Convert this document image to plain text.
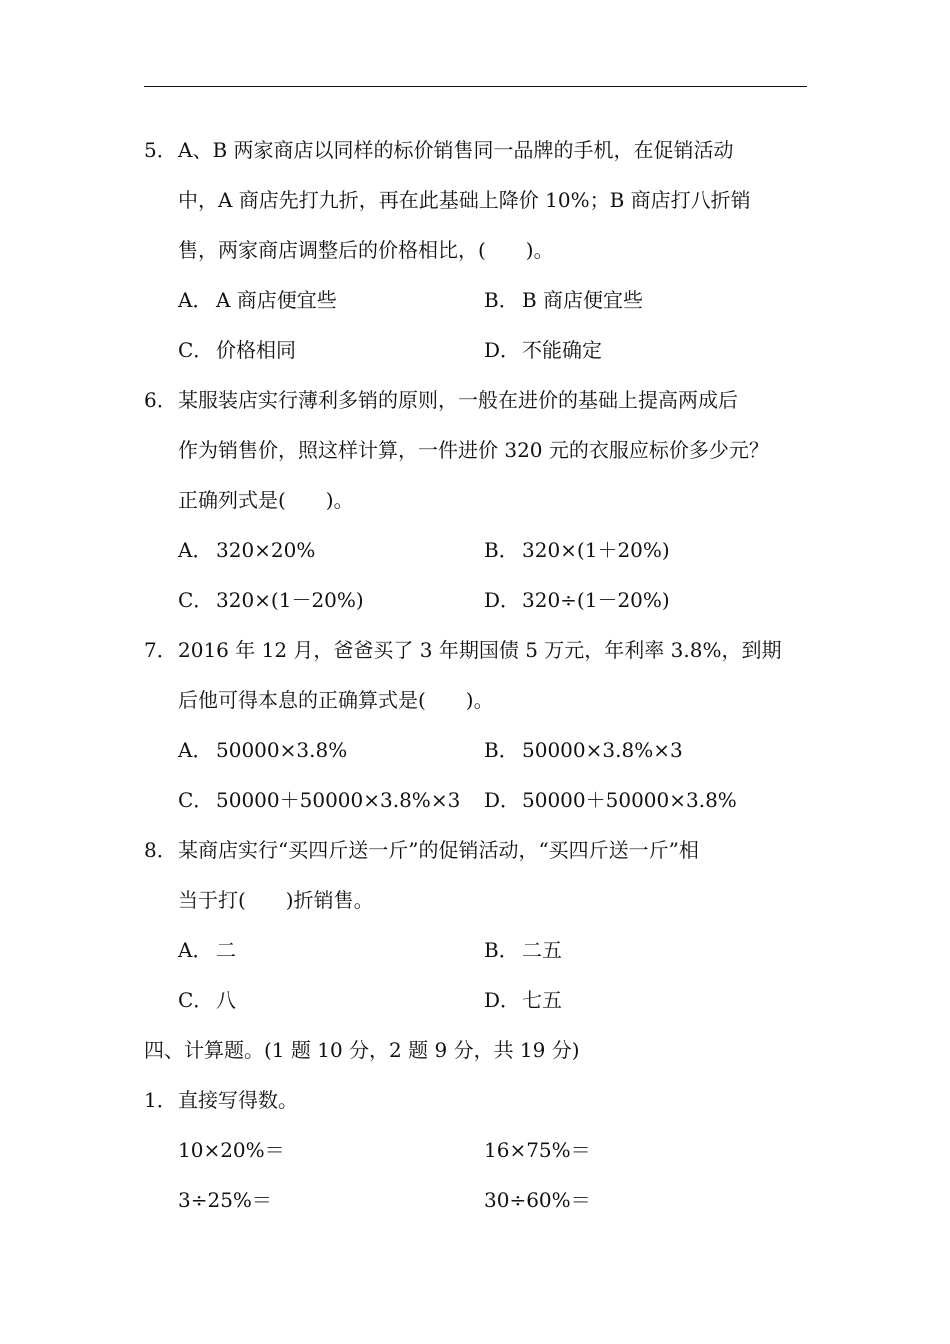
5． A、B 两家商店以同样的标价销售同一品牌的手机，在促销活动
中，A 商店先打九折，再在此基础上降价 10%；B 商店打八折销
售，两家商店调整后的价格相比，(　　)。
A． A 商店便宜些	B． B 商店便宜些
C． 价格相同	D．不能确定
6． 某服装店实行薄利多销的原则，一般在进价的基础上提高两成后
作为销售价，照这样计算，一件进价 320 元的衣服应标价多少元？
正确列式是(　　)。
A． 320×20%	B． 320×(1＋20%)
C． 320×(1－20%)	D．320÷(1－20%)
7． 2016 年 12 月，爸爸买了 3 年期国债 5 万元，年利率 3.8%，到期
后他可得本息的正确算式是(　　)。
A． 50000×3.8%	B． 50000×3.8%×3
C． 50000＋50000×3.8%×3	D．50000＋50000×3.8%
8． 某商店实行“买四斤送一斤”的促销活动，“买四斤送一斤”相
当于打(　　)折销售。
A． 二	B． 二五
C． 八	D．七五
四、计算题。(1 题 10 分，2 题 9 分，共 19 分)
1． 直接写得数。
10×20%＝	16×75%＝
3÷25%＝	30÷60%＝
